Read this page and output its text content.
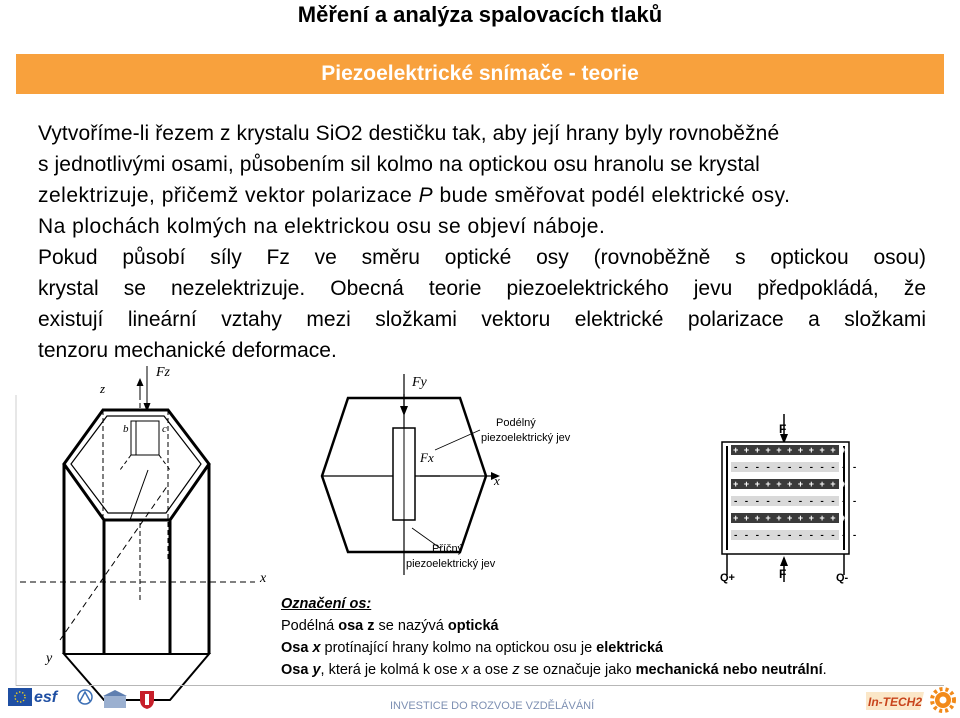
Měření a analýza spalovacích tlaků
Piezoelektrické snímače - teorie
Vytvoříme-li řezem z krystalu SiO2 destičku tak, aby její hrany byly rovnoběžné
s jednotlivými osami, působením sil kolmo na optickou osu hranolu se krystal
zelektrizuje, přičemž vektor polarizace P bude směřovat podél elektrické osy.
Na plochách kolmých na elektrickou osu se objeví náboje.
Pokud působí síly Fz ve směru optické osy (rovnoběžně s optickou osou)
krystal se nezelektrizuje. Obecná teorie piezoelektrického jevu předpokládá, že
existují lineární vztahy mezi složkami vektoru elektrické polarizace a složkami
tenzoru mechanické deformace.
z
Fz
b	c
x
y
Fy
Fx
x
Podélný
piezoelektrický jev
Příčný
piezoelektrický jev
F
F
Q+	Q-
+ + + + + + + + + + + +
- - - - - - - - - - - -
+ + + + + + + + + + + +
- - - - - - - - - - - -
+ + + + + + + + + + + +
- - - - - - - - - - - -
Označení os:
Podélná osa z se nazývá optická
Osa x protínající hrany kolmo na optickou osu je elektrická
Osa y, která je kolmá k ose x a ose z se označuje jako mechanická nebo neutrální.
esf	INVESTICE DO ROZVOJE VZDĚLÁVÁNÍ	In-TECH2
